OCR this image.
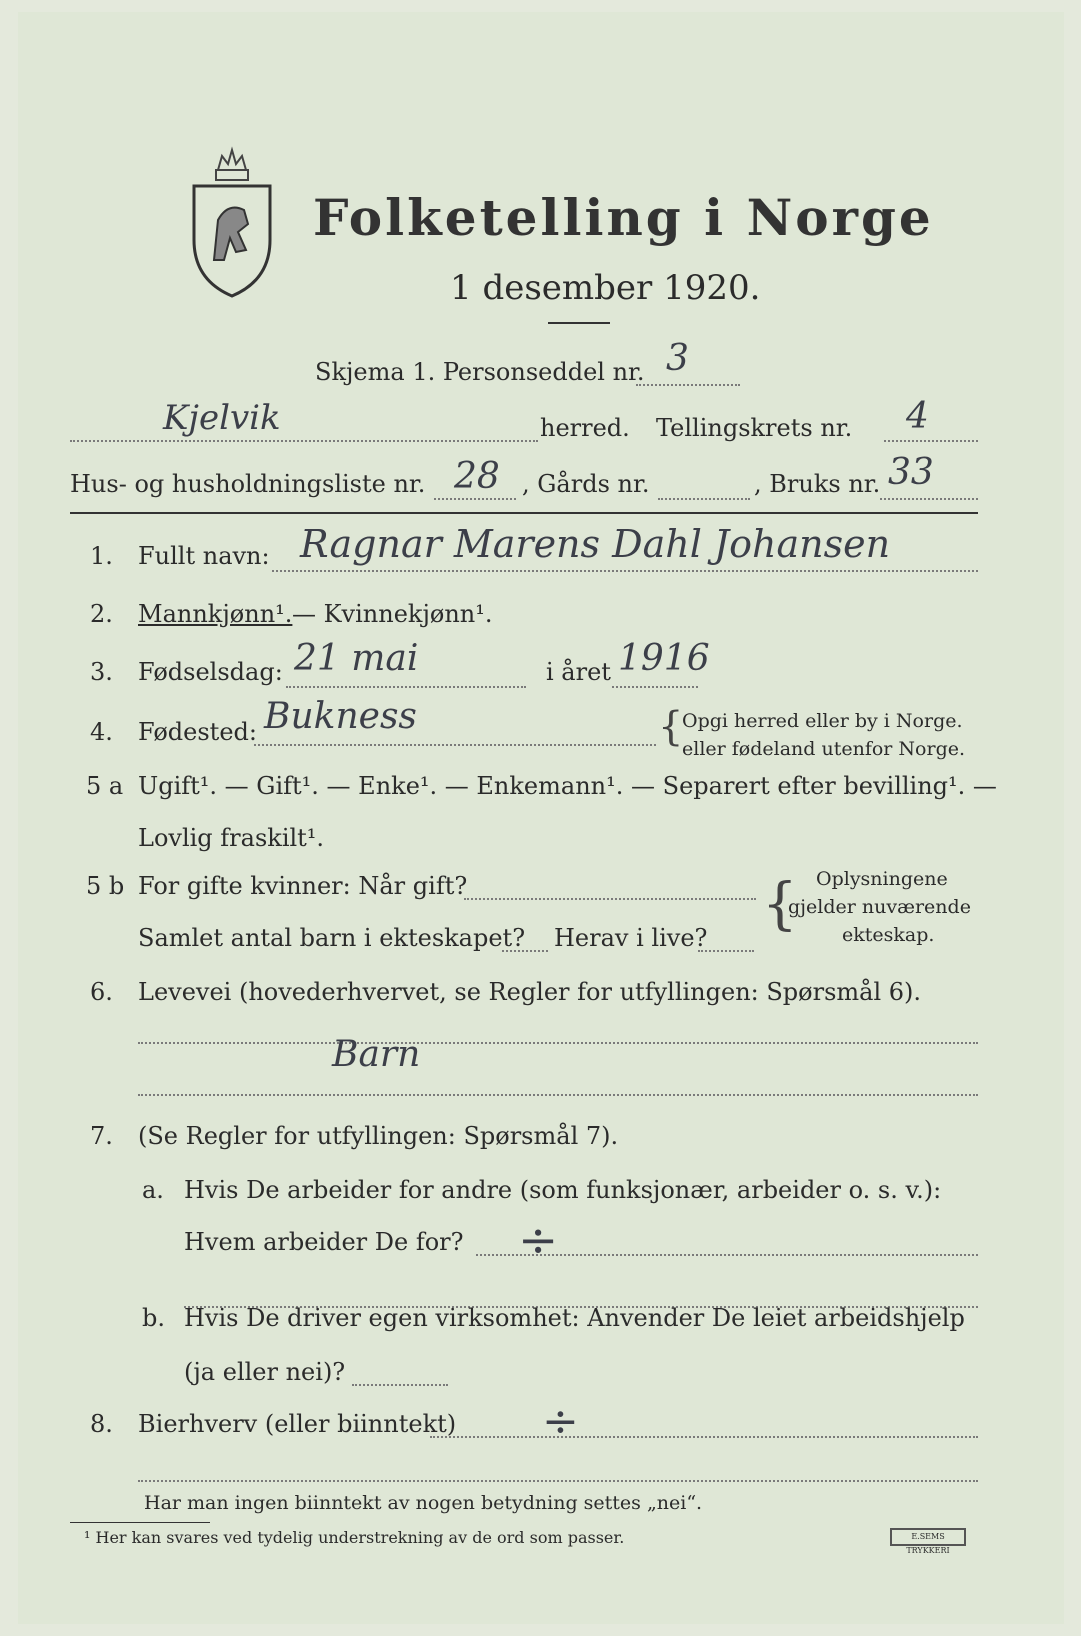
Folketelling i Norge
1 desember 1920.
Skjema 1. Personseddel nr. 3
Kjelvik	herred. Tellingskrets nr. 4
Hus- og husholdningsliste nr. 28 , Gårds nr.	, Bruks nr. 33
1. Fullt navn: Ragnar Marens Dahl Johansen
2. Mannkjønn¹. — Kvinnekjønn¹.
3. Fødselsdag: 21 mai	i året 1916
4. Fødested: Bukness	{
Opgi herred eller by i Norge.
eller fødeland utenfor Norge.
5 a Ugift¹. — Gift¹. — Enke¹. — Enkemann¹. — Separert efter bevilling¹. —
Lovlig fraskilt¹.
5 b For gifte kvinner: Når gift?
Samlet antal barn i ekteskapet? Herav i live?
{ Oplysningene
gjelder nuværende
ekteskap.
6. Levevei (hovederhvervet, se Regler for utfyllingen: Spørsmål 6).
Barn
7. (Se Regler for utfyllingen: Spørsmål 7).
a. Hvis De arbeider for andre (som funksjonær, arbeider o. s. v.):
Hvem arbeider De for? ÷
b. Hvis De driver egen virksomhet: Anvender De leiet arbeidshjelp
(ja eller nei)?
8. Bierhverv (eller biinntekt) ÷
Har man ingen biinntekt av nogen betydning settes „nei“.
¹ Her kan svares ved tydelig understrekning av de ord som passer.	E.SEMS TRYKKERI
